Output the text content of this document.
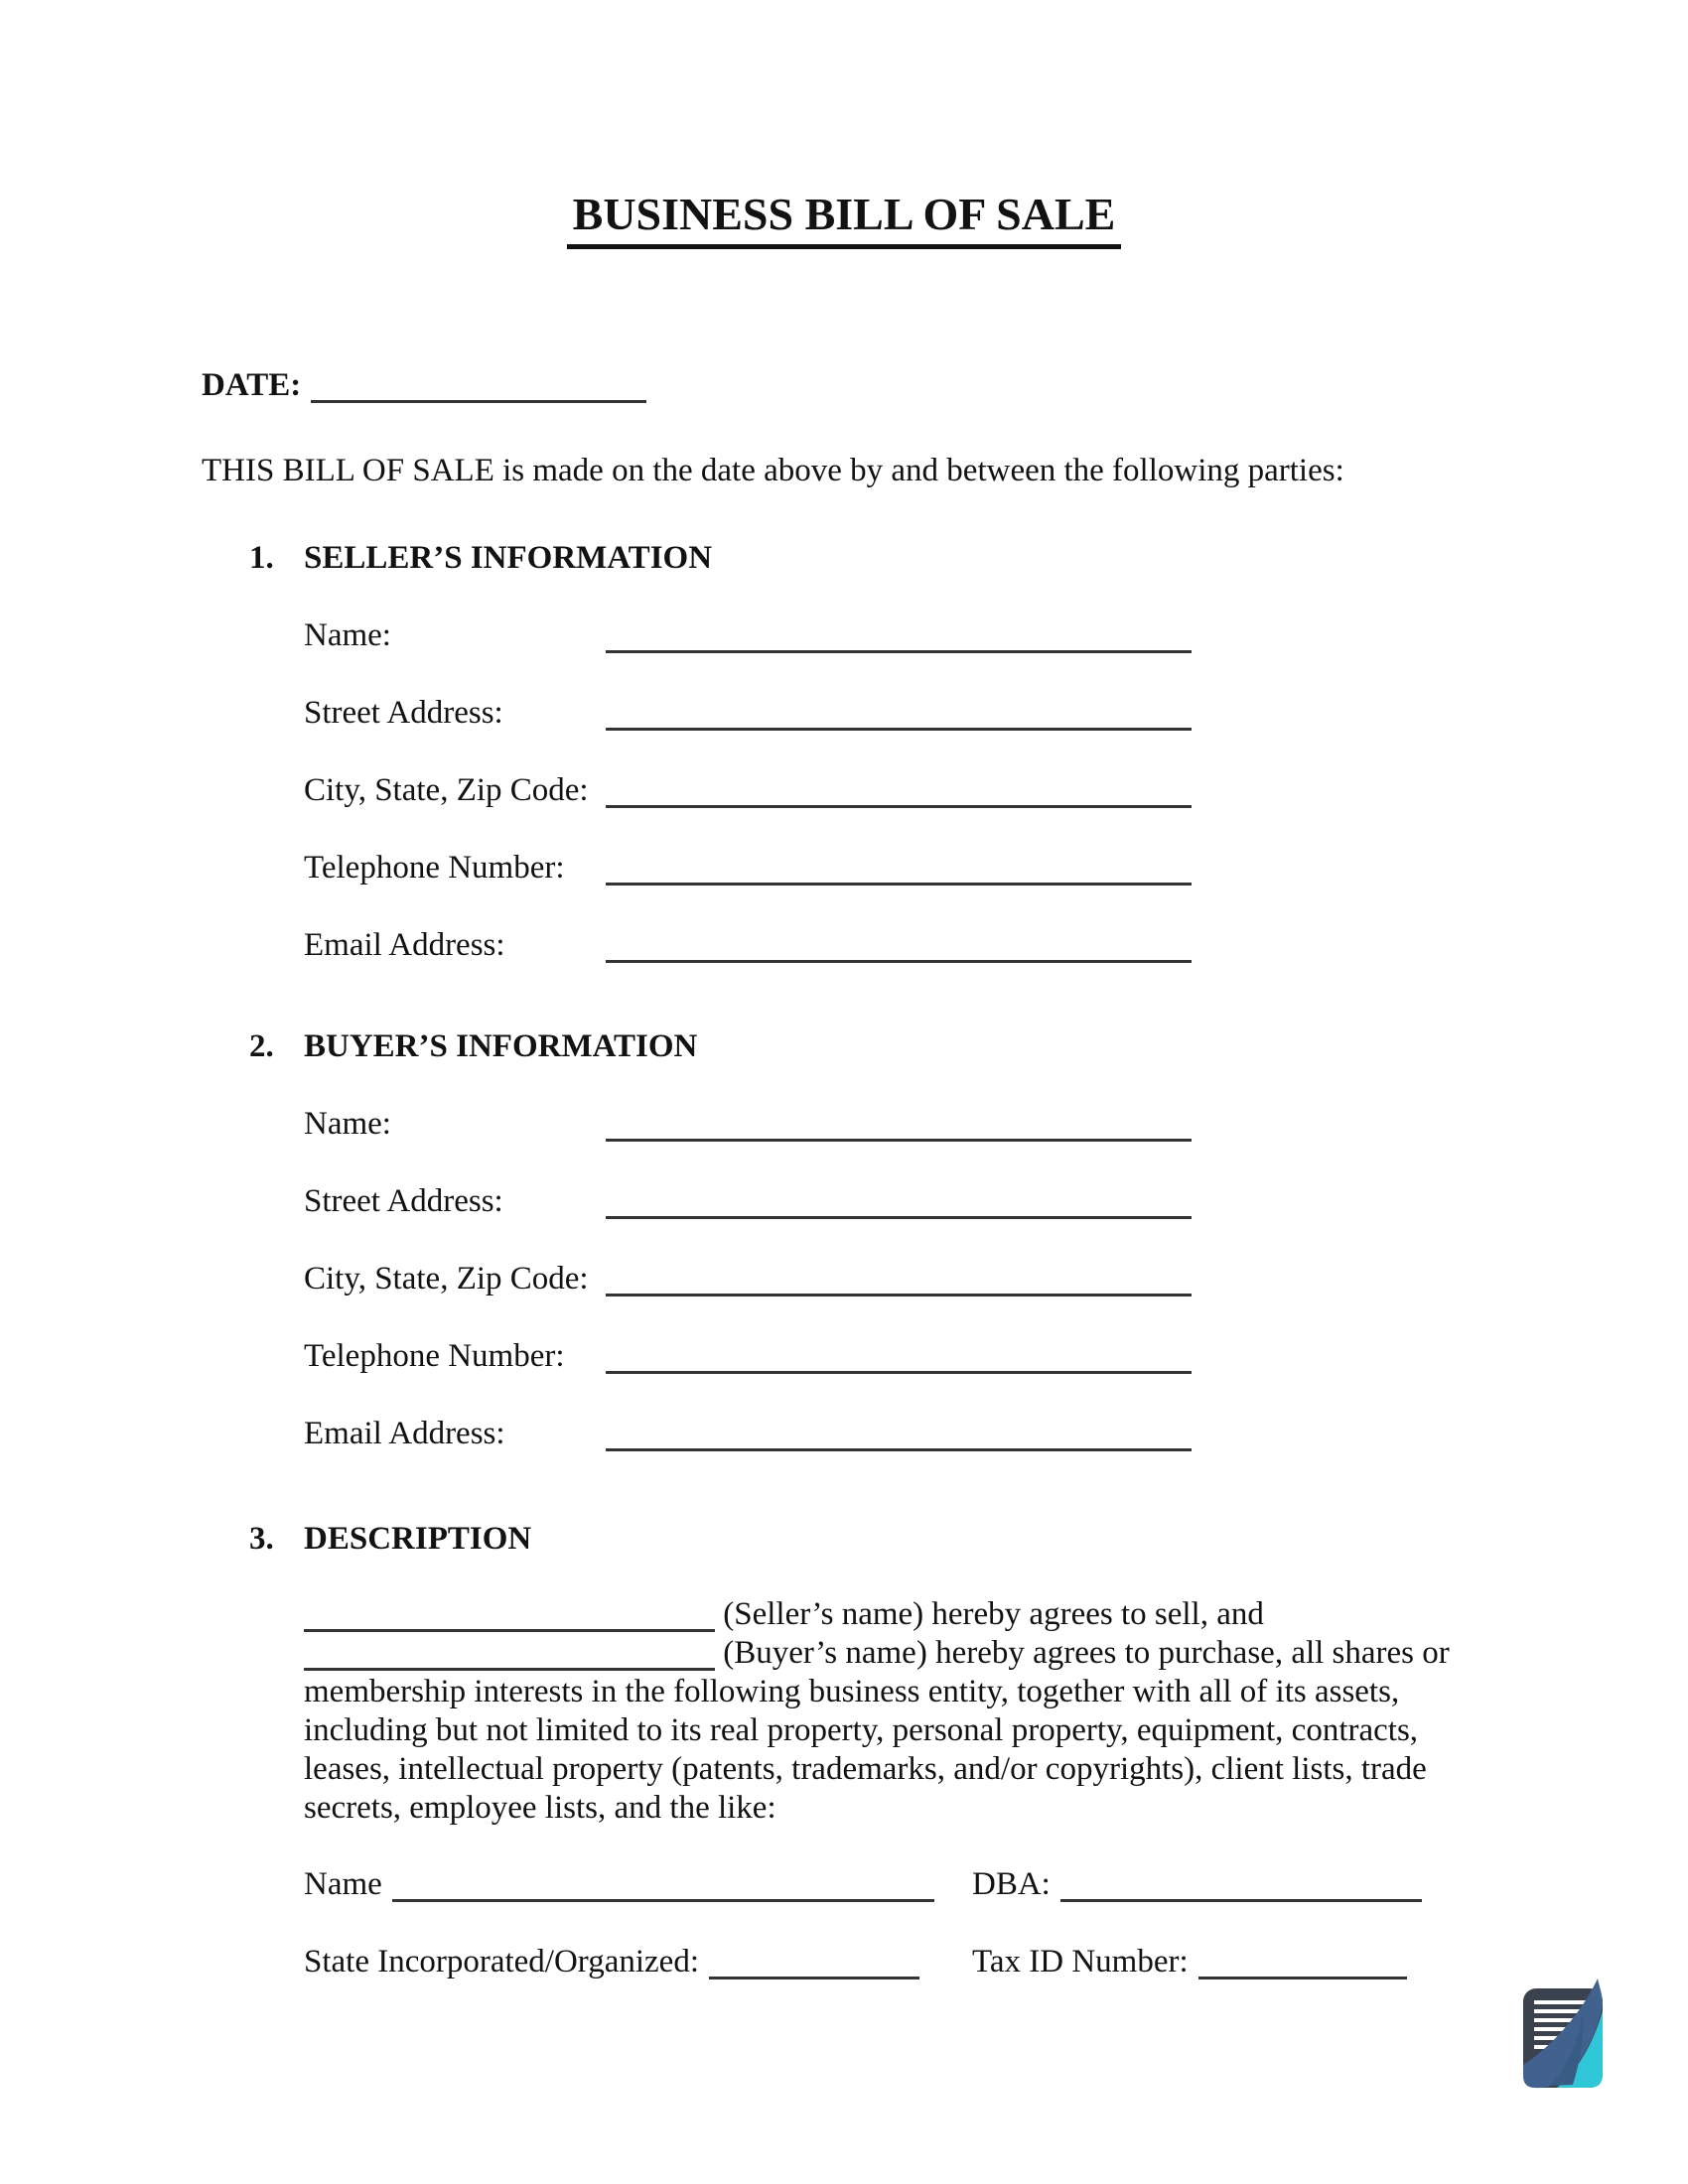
BUSINESS BILL OF SALE
DATE:

THIS BILL OF SALE is made on the date above by and between the following parties:

1. SELLER’S INFORMATION
Name:
Street Address:
City, State, Zip Code:
Telephone Number:
Email Address:
2. BUYER’S INFORMATION
Name:
Street Address:
City, State, Zip Code:
Telephone Number:
Email Address:
3. DESCRIPTION

(Seller’s name) hereby agrees to sell, and  (Buyer’s name) hereby agrees to purchase, all shares or membership interests in the following business entity, together with all of its assets, including but not limited to its real property, personal property, equipment, contracts, leases, intellectual property (patents, trademarks, and/or copyrights), client lists, trade secrets, employee lists, and the like:

Name	DBA:
State Incorporated/Organized:	Tax ID Number:
